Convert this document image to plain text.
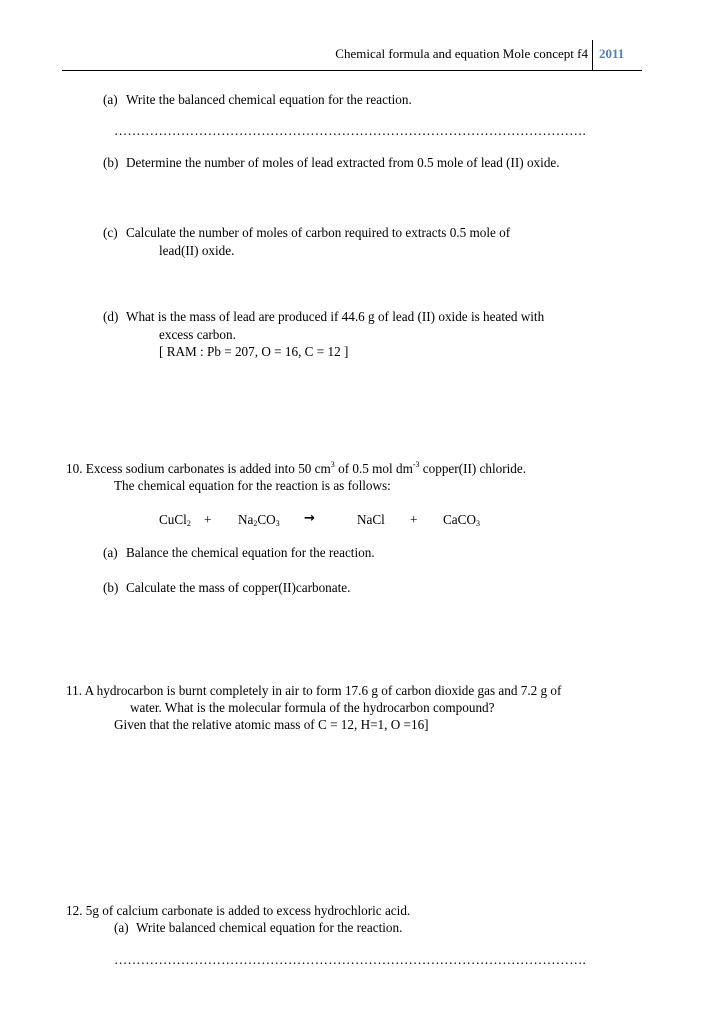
Chemical formula and equation Mole concept f4 2011
(a) Write the balanced chemical equation for the reaction.
…………………………………………………………………………………………….
(b) Determine the number of moles of lead extracted from 0.5 mole of lead (II) oxide.
(c) Calculate the number of moles of carbon required to extracts 0.5 mole of
lead(II) oxide.
(d) What is the mass of lead are produced if 44.6 g of lead (II) oxide is heated with
excess carbon.
[ RAM : Pb = 207, O = 16, C = 12 ]
10. Excess sodium carbonates is added into 50 $cm^3$ of 0.5 mol $dm^{-3}$ copper(II) chloride.
The chemical equation for the reaction is as follows:
CuCl$_2$ + $Na_2CO_3$ →	NaCl + CaCO$_3$
(a) Balance the chemical equation for the reaction.
(b) Calculate the mass of copper(II)carbonate.
11. A hydrocarbon is burnt completely in air to form 17.6 g of carbon dioxide gas and 7.2 g of
water. What is the molecular formula of the hydrocarbon compound?
Given that the relative atomic mass of C = 12, H=1, O =16]
12. 5g of calcium carbonate is added to excess hydrochloric acid.
(a) Write balanced chemical equation for the reaction.
…………………………………………………………………………………………….
